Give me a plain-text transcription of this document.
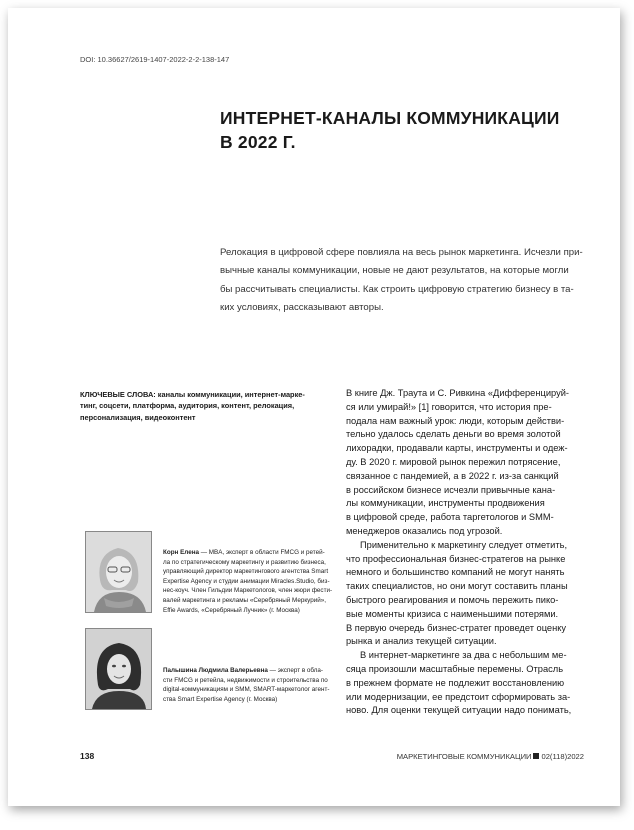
DOI: 10.36627/2619-1407-2022-2-2-138-147
ИНТЕРНЕТ-КАНАЛЫ КОММУНИКАЦИИ
В 2022 Г.

Релокация в цифровой сфере повлияла на весь рынок маркетинга. Исчезли при-
вычные каналы коммуникации, новые не дают результатов, на которые могли
бы рассчитывать специалисты. Как строить цифровую стратегию бизнесу в та-
ких условиях, рассказывают авторы.

КЛЮЧЕВЫЕ СЛОВА: каналы коммуникации, интернет-марке-
тинг, соцсети, платформа, аудитория, контент, релокация,
персонализация, видеоконтент
Корн Елена — MBA, эксперт в области FMCG и ретей-
ла по стратегическому маркетингу и развитию бизнеса,
управляющий директор маркетингового агентства Smart
Expertise Agency и студии анимации Miracles.Studio, биз-
нес-коуч. Член Гильдии Маркетологов, член жюри фести-
валей маркетинга и рекламы «Серебряный Меркурий»,
Effie Awards, «Серебряный Лучник» (г. Москва)
Палышина Людмила Валерьевна — эксперт в обла-
сти FMCG и ретейла, недвижимости и строительства по
digital-коммуникациям и SMM, SMART-маркетолог агент-
ства Smart Expertise Agency (г. Москва)
В книге Дж. Траута и С. Ривкина «Дифференцируй-
ся или умирай!» [1] говорится, что история пре-
подала нам важный урок: люди, которым действи-
тельно удалось сделать деньги во время золотой
лихорадки, продавали карты, инструменты и одеж-
ду. В 2020 г. мировой рынок пережил потрясение,
связанное с пандемией, а в 2022 г. из-за санкций
в российском бизнесе исчезли привычные кана-
лы коммуникации, инструменты продвижения
в цифровой среде, работа таргетологов и SMM-
менеджеров оказались под угрозой.
Применительно к маркетингу следует отметить,
что профессиональная бизнес-стратегов на рынке
немного и большинство компаний не могут нанять
таких специалистов, но они могут составить планы
быстрого реагирования и помочь пережить пико-
вые моменты кризиса с наименьшими потерями.
В первую очередь бизнес-стратег проведет оценку
рынка и анализ текущей ситуации.
В интернет-маркетинге за два с небольшим ме-
сяца произошли масштабные перемены. Отрасль
в прежнем формате не подлежит восстановлению
или модернизации, ее предстоит сформировать за-
ново. Для оценки текущей ситуации надо понимать,
138	МАРКЕТИНГОВЫЕ КОММУНИКАЦИИ 02(118)2022
